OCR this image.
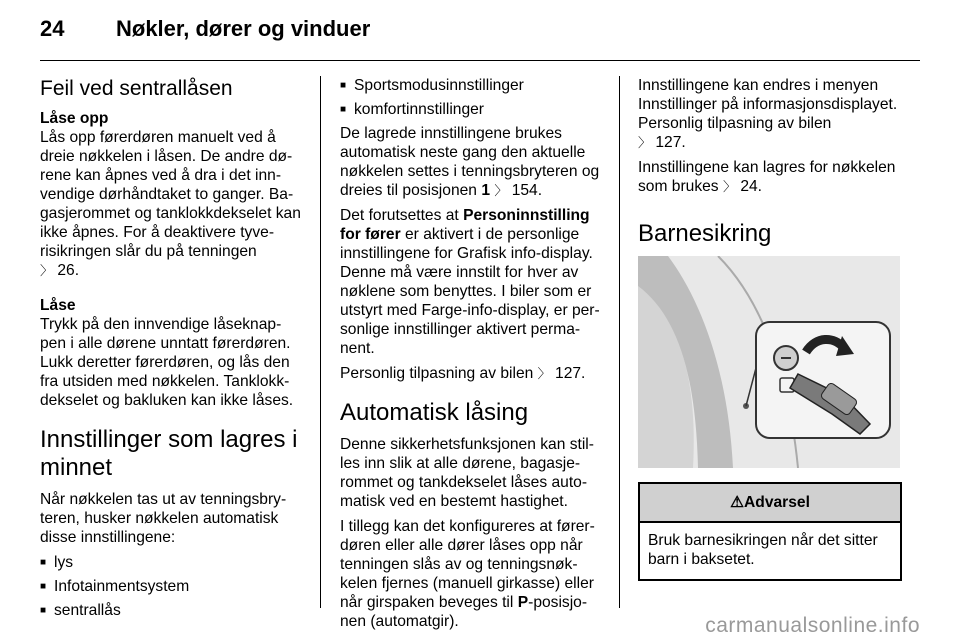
24 Nøkler, dører og vinduer
Feil ved sentrallåsen
Låse opp

Lås opp førerdøren manuelt ved å dreie nøkkelen i låsen. De andre dørene kan åpnes ved å dra i det innvendige dørhåndtaket to ganger. Bagasjerommet og tanklokkdekselet kan ikke åpnes. For å deaktivere tyverisikringen slår du på tenningen
〉 26.

Låse

Trykk på den innvendige låseknappen i alle dørene unntatt førerdøren. Lukk deretter førerdøren, og lås den fra utsiden med nøkkelen. Tanklokkdekselet og bakluken kan ikke låses.

Innstillinger som lagres i minnet

Når nøkkelen tas ut av tenningsbryteren, husker nøkkelen automatisk disse innstillingene:

■ lys
■ Infotainmentsystem
■ sentrallås
■ Sportsmodusinnstillinger
■ komfortinnstillinger

De lagrede innstillingene brukes automatisk neste gang den aktuelle nøkkelen settes i tenningsbryteren og dreies til posisjonen 1 〉 154.

Det forutsettes at Personinnstilling for fører er aktivert i de personlige innstillingene for Grafisk info-display. Denne må være innstilt for hver av nøklene som benyttes. I biler som er utstyrt med Farge-info-display, er personlige innstillinger aktivert permanent.

Personlig tilpasning av bilen 〉 127.

Automatisk låsing

Denne sikkerhetsfunksjonen kan stilles inn slik at alle dørene, bagasjerommet og tankdekselet låses automatisk ved en bestemt hastighet.

I tillegg kan det konfigureres at førerdøren eller alle dører låses opp når tenningen slås av og tenningsnøkkelen fjernes (manuell girkasse) eller når girspaken beveges til P-posisjonen (automatgir).

Innstillingene kan endres i menyen Innstillinger på informasjonsdisplayet. Personlig tilpasning av bilen
〉 127.

Innstillingene kan lagres for nøkkelen som brukes 〉 24.

Barnesikring
⚠Advarsel
Bruk barnesikringen når det sitter barn i baksetet.
carmanualsonline.info
